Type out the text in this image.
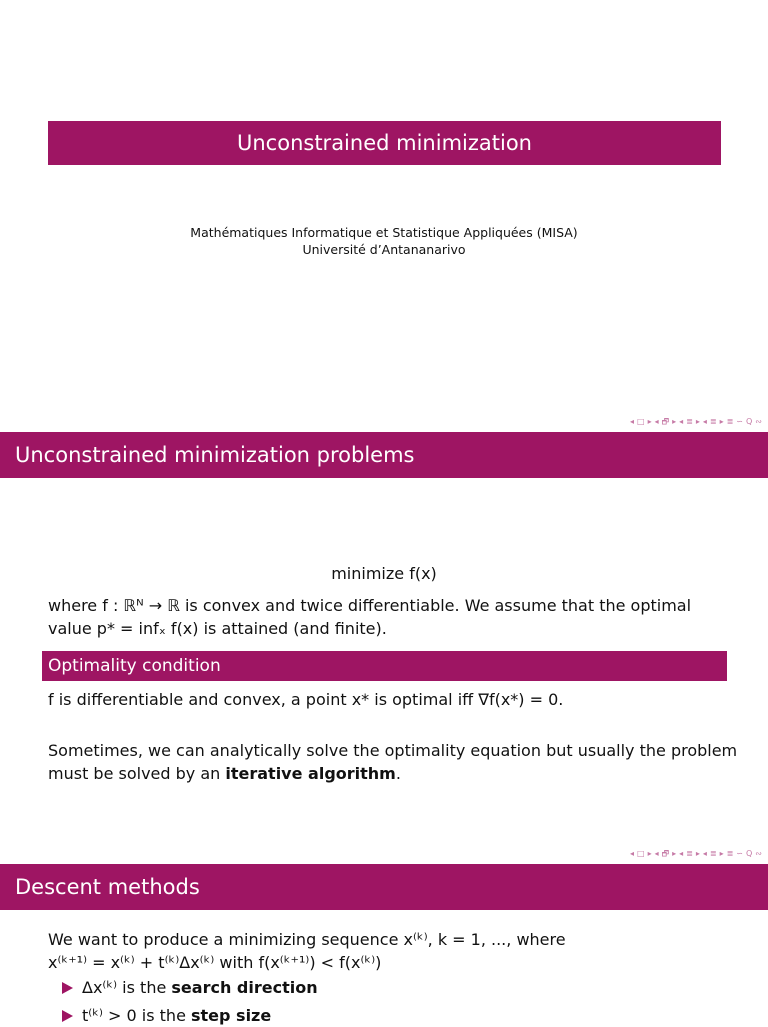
Unconstrained minimization
Mathématiques Informatique et Statistique Appliquées (MISA)
Université d’Antananarivo
◂ □ ▸ ◂ 🗗 ▸ ◂ ≣ ▸ ◂ ≣ ▸ ≣ ∽ Q ∾
Unconstrained minimization problems
minimize f(x)
where f : ℝᴺ → ℝ is convex and twice differentiable. We assume that the optimal
value p* = infₓ f(x) is attained (and finite).
Optimality condition
f is differentiable and convex, a point x* is optimal iff ∇f(x*) = 0.
Sometimes, we can analytically solve the optimality equation but usually the problem
must be solved by an iterative algorithm.
◂ □ ▸ ◂ 🗗 ▸ ◂ ≣ ▸ ◂ ≣ ▸ ≣ ∽ Q ∾
Descent methods
We want to produce a minimizing sequence x⁽ᵏ⁾, k = 1, ..., where
x⁽ᵏ⁺¹⁾ = x⁽ᵏ⁾ + t⁽ᵏ⁾Δx⁽ᵏ⁾ with f(x⁽ᵏ⁺¹⁾) < f(x⁽ᵏ⁾)
Δx⁽ᵏ⁾ is the search direction
t⁽ᵏ⁾ > 0 is the step size
